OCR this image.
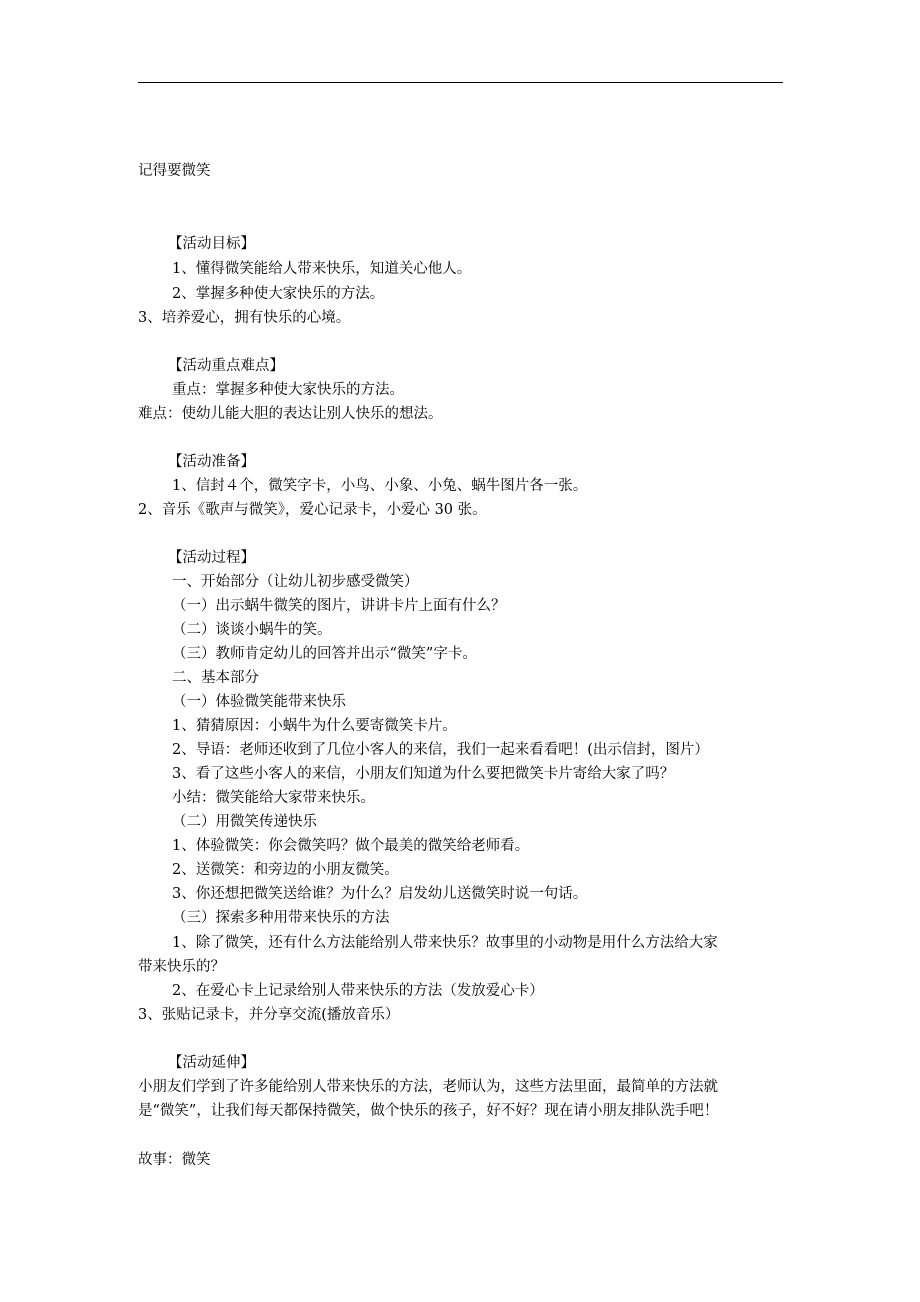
记得要微笑
【活动目标】
1、懂得微笑能给人带来快乐，知道关心他人。
2、掌握多种使大家快乐的方法。
3、培养爱心，拥有快乐的心境。
【活动重点难点】
重点：掌握多种使大家快乐的方法。
难点：使幼儿能大胆的表达让别人快乐的想法。
【活动准备】
1、信封４个，微笑字卡，小鸟、小象、小兔、蜗牛图片各一张。
2、音乐《歌声与微笑》，爱心记录卡，小爱心 30 张。
【活动过程】
一、开始部分（让幼儿初步感受微笑）
（一）出示蜗牛微笑的图片，讲讲卡片上面有什么？
（二）谈谈小蜗牛的笑。
（三）教师肯定幼儿的回答并出示“微笑”字卡。
二、基本部分
（一）体验微笑能带来快乐
1、猜猜原因：小蜗牛为什么要寄微笑卡片。
2、导语：老师还收到了几位小客人的来信，我们一起来看看吧！(出示信封，图片）
3、看了这些小客人的来信，小朋友们知道为什么要把微笑卡片寄给大家了吗？
小结：微笑能给大家带来快乐。
（二）用微笑传递快乐
1、体验微笑：你会微笑吗？做个最美的微笑给老师看。
2、送微笑：和旁边的小朋友微笑。
3、你还想把微笑送给谁？为什么？启发幼儿送微笑时说一句话。
（三）探索多种用带来快乐的方法
1、除了微笑，还有什么方法能给别人带来快乐？故事里的小动物是用什么方法给大家
带来快乐的？
2、在爱心卡上记录给别人带来快乐的方法（发放爱心卡）
3、张贴记录卡，并分享交流(播放音乐）
【活动延伸】
小朋友们学到了许多能给别人带来快乐的方法，老师认为，这些方法里面，最简单的方法就
是“微笑”，让我们每天都保持微笑，做个快乐的孩子，好不好？现在请小朋友排队洗手吧！
故事：微笑
